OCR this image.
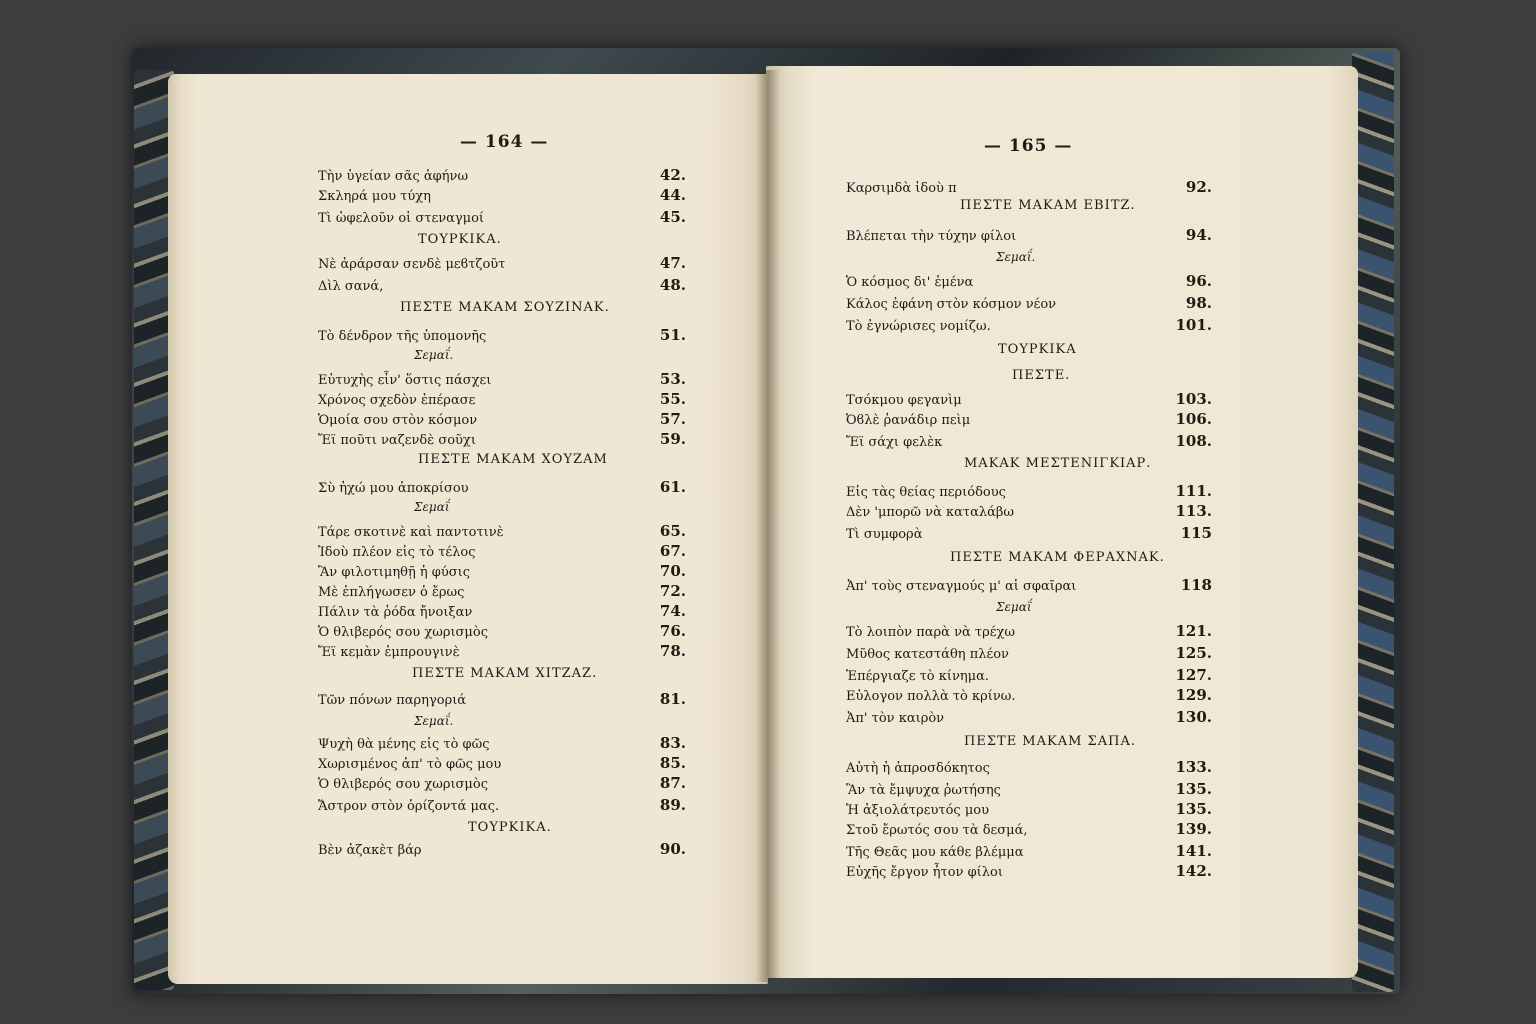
— 164 —
Τὴν ὑγείαν σᾶς ἀφήνω	42.
Σκληρά μου τύχη	44.
Τὶ ὠφελοῦν οἱ στεναγμοί	45.
ΤΟΥΡΚΙΚΑ.
Νὲ ἀράρσαν σενδὲ μεϐτζοῦτ	47.
Δὶλ σανά,	48.
ΠΕΣΤΕ ΜΑΚΑΜ ΣΟΥΖΙΝΑΚ.
Τὸ δένδρον τῆς ὑπομονῆς	51.
Σεμαΐ.
Εὐτυχὴς εἶν' ὅστις πάσχει	53.
Χρόνος σχεδὸν ἐπέρασε	55.
Ὁμοία σου στὸν κόσμον	57.
Ἔϊ ποῦτι ναζενδὲ σοῦχι	59.
ΠΕΣΤΕ ΜΑΚΑΜ ΧΟΥΖΑΜ
Σὺ ἠχώ μου ἀποκρίσου	61.
Σεμαΐ
Τάρε σκοτινὲ καὶ παντοτινὲ	65.
Ἰδοὺ πλέον εἰς τὸ τέλος	67.
Ἂν φιλοτιμηθῇ ἡ φύσις	70.
Μὲ ἐπλήγωσεν ὁ ἔρως	72.
Πάλιν τὰ ῥόδα ἤνοιξαν	74.
Ὁ θλιβερός σου χωρισμὸς	76.
Ἔϊ κεμὰν ἐμπρουγινὲ	78.
ΠΕΣΤΕ ΜΑΚΑΜ ΧΙΤΖΑΖ.
Τῶν πόνων παρηγοριά	81.
Σεμαΐ.
Ψυχὴ θὰ μένης εἰς τὸ φῶς	83.
Χωρισμένος ἀπ' τὸ φῶς μου	85.
Ὁ θλιβερός σου χωρισμὸς	87.
Ἄστρον στὸν ὁρίζοντά μας.	89.
ΤΟΥΡΚΙΚΑ.
Βὲν ἀζακὲτ βάρ	90.
— 165 —
Καρσιμδὰ ἰδοὺ π	92.
ΠΕΣΤΕ ΜΑΚΑΜ ΕΒΙΤΖ.
Βλέπεται τὴν τύχην φίλοι	94.
Σεμαΐ.
Ὁ κόσμος δι' ἐμένα	96.
Κάλος ἐφάνη στὸν κόσμον νέον	98.
Τὸ ἐγνώρισες νομίζω.	101.
ΤΟΥΡΚΙΚΑ
ΠΕΣΤΕ.
Τσόκμου φεγανὶμ	103.
Ὀϐλὲ ῥανάδιρ πεὶμ	106.
Ἔϊ σάχι φελὲκ	108.
ΜΑΚΑΚ ΜΕΣΤΕΝΙΓΚΙΑΡ.
Εἰς τὰς θείας περιόδους	111.
Δὲν 'μπορῶ νὰ καταλάβω	113.
Τὶ συμφορὰ	115
ΠΕΣΤΕ ΜΑΚΑΜ ΦΕΡΑΧΝΑΚ.
Ἀπ' τοὺς στεναγμούς μ' αἱ σφαῖραι	118
Σεμαΐ
Τὸ λοιπὸν παρὰ νὰ τρέχω	121.
Μῦθος κατεστάθη πλέον	125.
Ἐπέργιαζε τὸ κίνημα.	127.
Εὐλογον πολλὰ τὸ κρίνω.	129.
Ἀπ' τὸν καιρὸν	130.
ΠΕΣΤΕ ΜΑΚΑΜ ΣΑΠΑ.
Αὐτὴ ἡ ἀπροσδόκητος	133.
Ἂν τὰ ἔμψυχα ῥωτήσης	135.
Ἡ ἀξιολάτρευτός μου	135.
Στοῦ ἔρωτός σου τὰ δεσμά,	139.
Τῆς Θεᾶς μου κάθε βλέμμα	141.
Εὐχῆς ἔργον ἦτον φίλοι	142.
